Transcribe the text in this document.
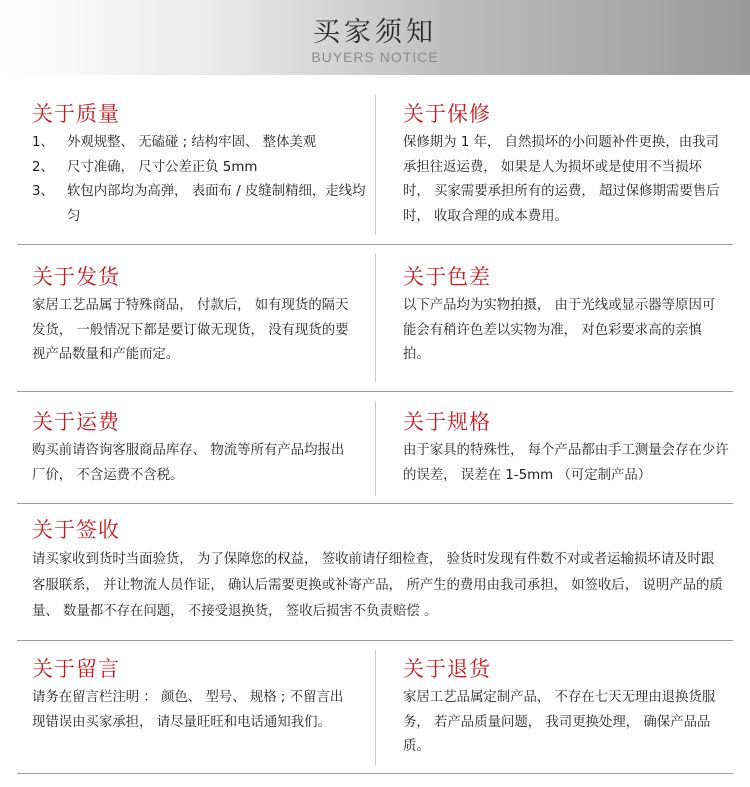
买家须知
BUYERS NOTICE
关于质量
1、 外观规整、 无磕碰 ; 结构牢固、 整体美观
2、 尺寸准确， 尺寸公差正负 5mm
3、 软包内部均为高弹， 表面布 / 皮缝制精细，走线均匀
关于保修

保修期为 1 年， 自然损坏的小问题补件更换，由我司承担往返运费， 如果是人为损坏或是使用不当损坏时， 买家需要承担所有的运费， 超过保修期需要售后时， 收取合理的成本费用。

关于发货

家居工艺品属于特殊商品， 付款后， 如有现货的隔天发货， 一般情况下都是要订做无现货， 没有现货的要视产品数量和产能而定。

关于色差

以下产品均为实物拍摄， 由于光线或显示器等原因可能会有稍许色差以实物为准， 对色彩要求高的亲慎拍。

关于运费

购买前请咨询客服商品库存、 物流等所有产品均报出厂价， 不含运费不含税。

关于规格

由于家具的特殊性， 每个产品都由手工测量会存在少许的误差， 误差在 1-5mm （可定制产品）

关于签收

请买家收到货时当面验货， 为了保障您的权益， 签收前请仔细检查， 验货时发现有件数不对或者运输损坏请及时跟客服联系， 并让物流人员作证， 确认后需要更换或补寄产品， 所产生的费用由我司承担， 如签收后， 说明产品的质量、 数量都不存在问题， 不接受退换货， 签收后损害不负责赔偿 。

关于留言

请务在留言栏注明 ： 颜色、 型号、 规格 ; 不留言出现错误由买家承担， 请尽量旺旺和电话通知我们。

关于退货

家居工艺品属定制产品， 不存在七天无理由退换货服务， 若产品质量问题， 我司更换处理， 确保产品品质。
